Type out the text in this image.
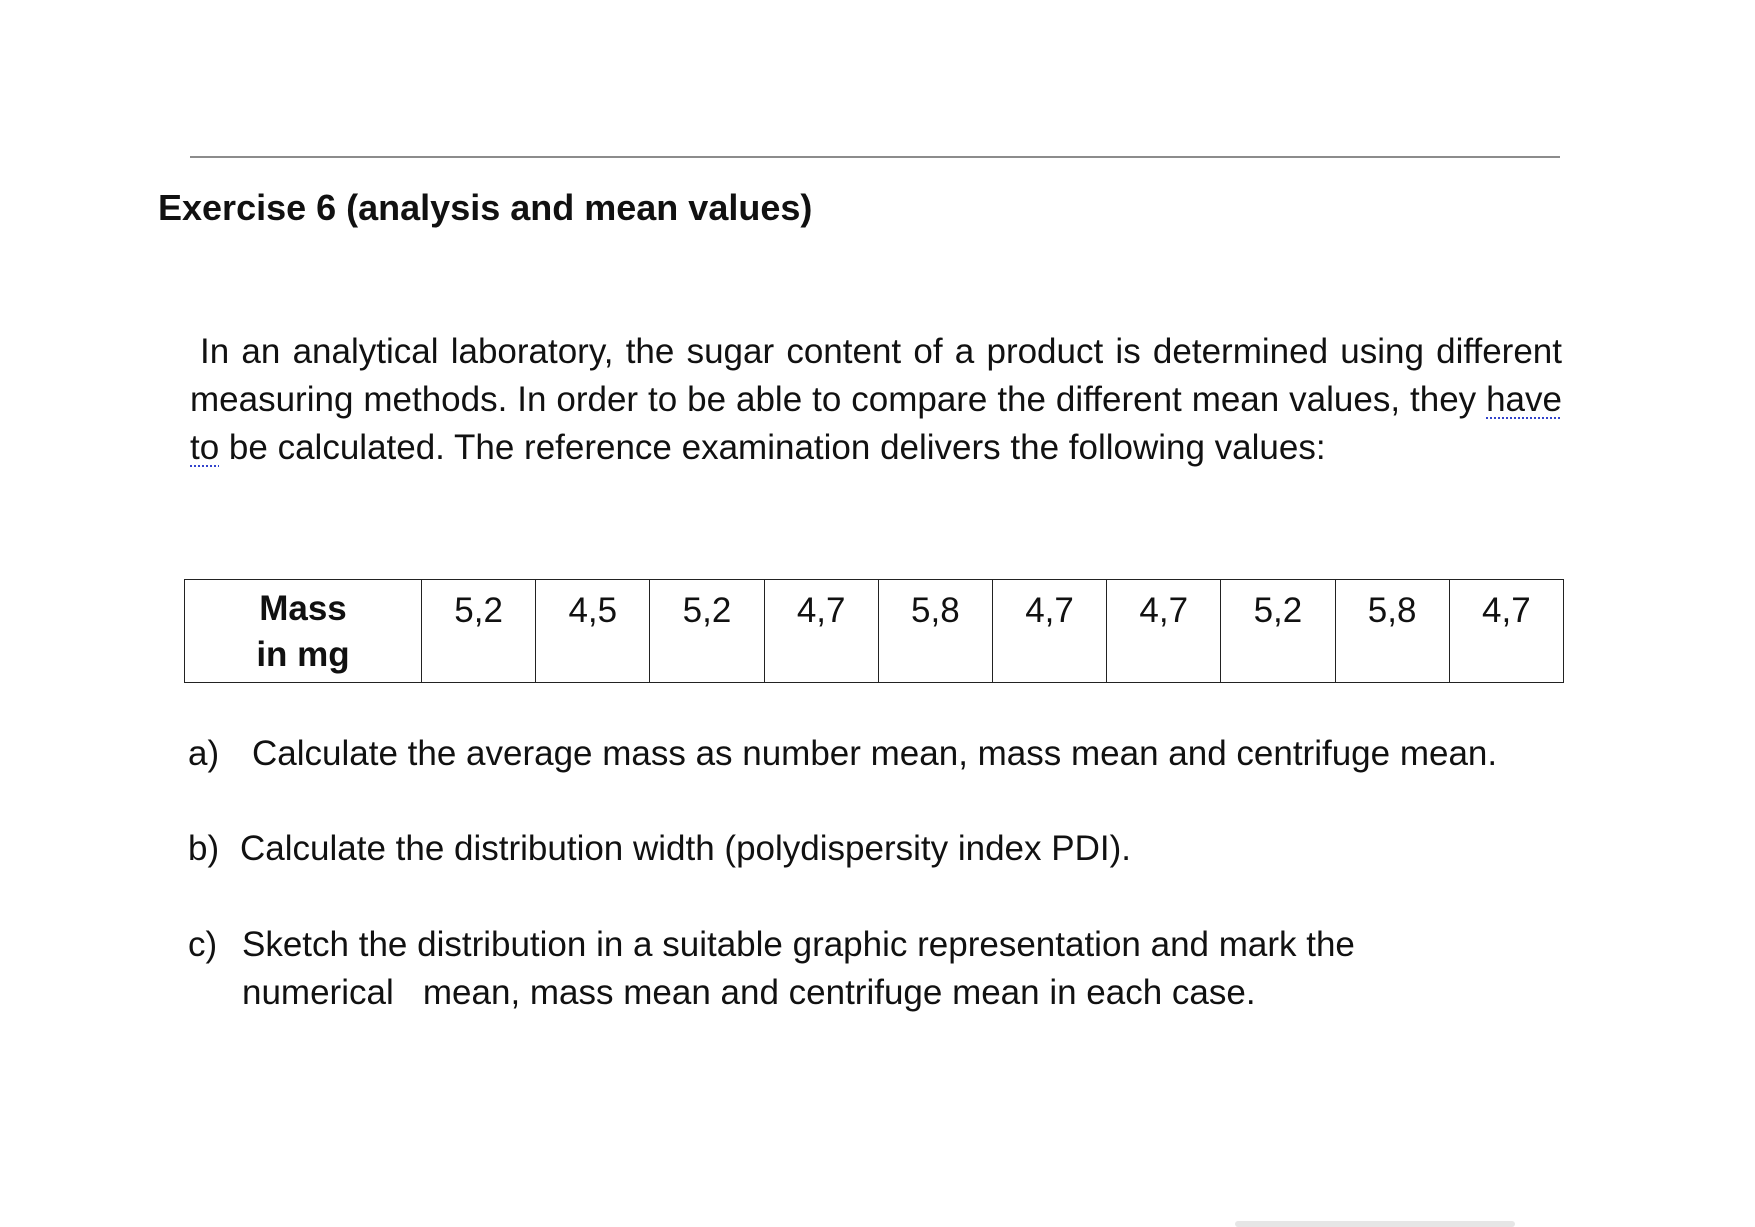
Exercise 6 (analysis and mean values)

In an analytical laboratory, the sugar content of a product is determined using different measuring methods. In order to be able to compare the different mean values, they have to be calculated. The reference examination delivers the following values:

Mass
in mg
	5,2	4,5	5,2	4,7	5,8	4,7	4,7	5,2	5,8	4,7
a) Calculate the average mass as number mean, mass mean and centrifuge mean.
b) Calculate the distribution width (polydispersity index PDI).
c) Sketch the distribution in a suitable graphic representation and mark the
numerical   mean, mass mean and centrifuge mean in each case.
